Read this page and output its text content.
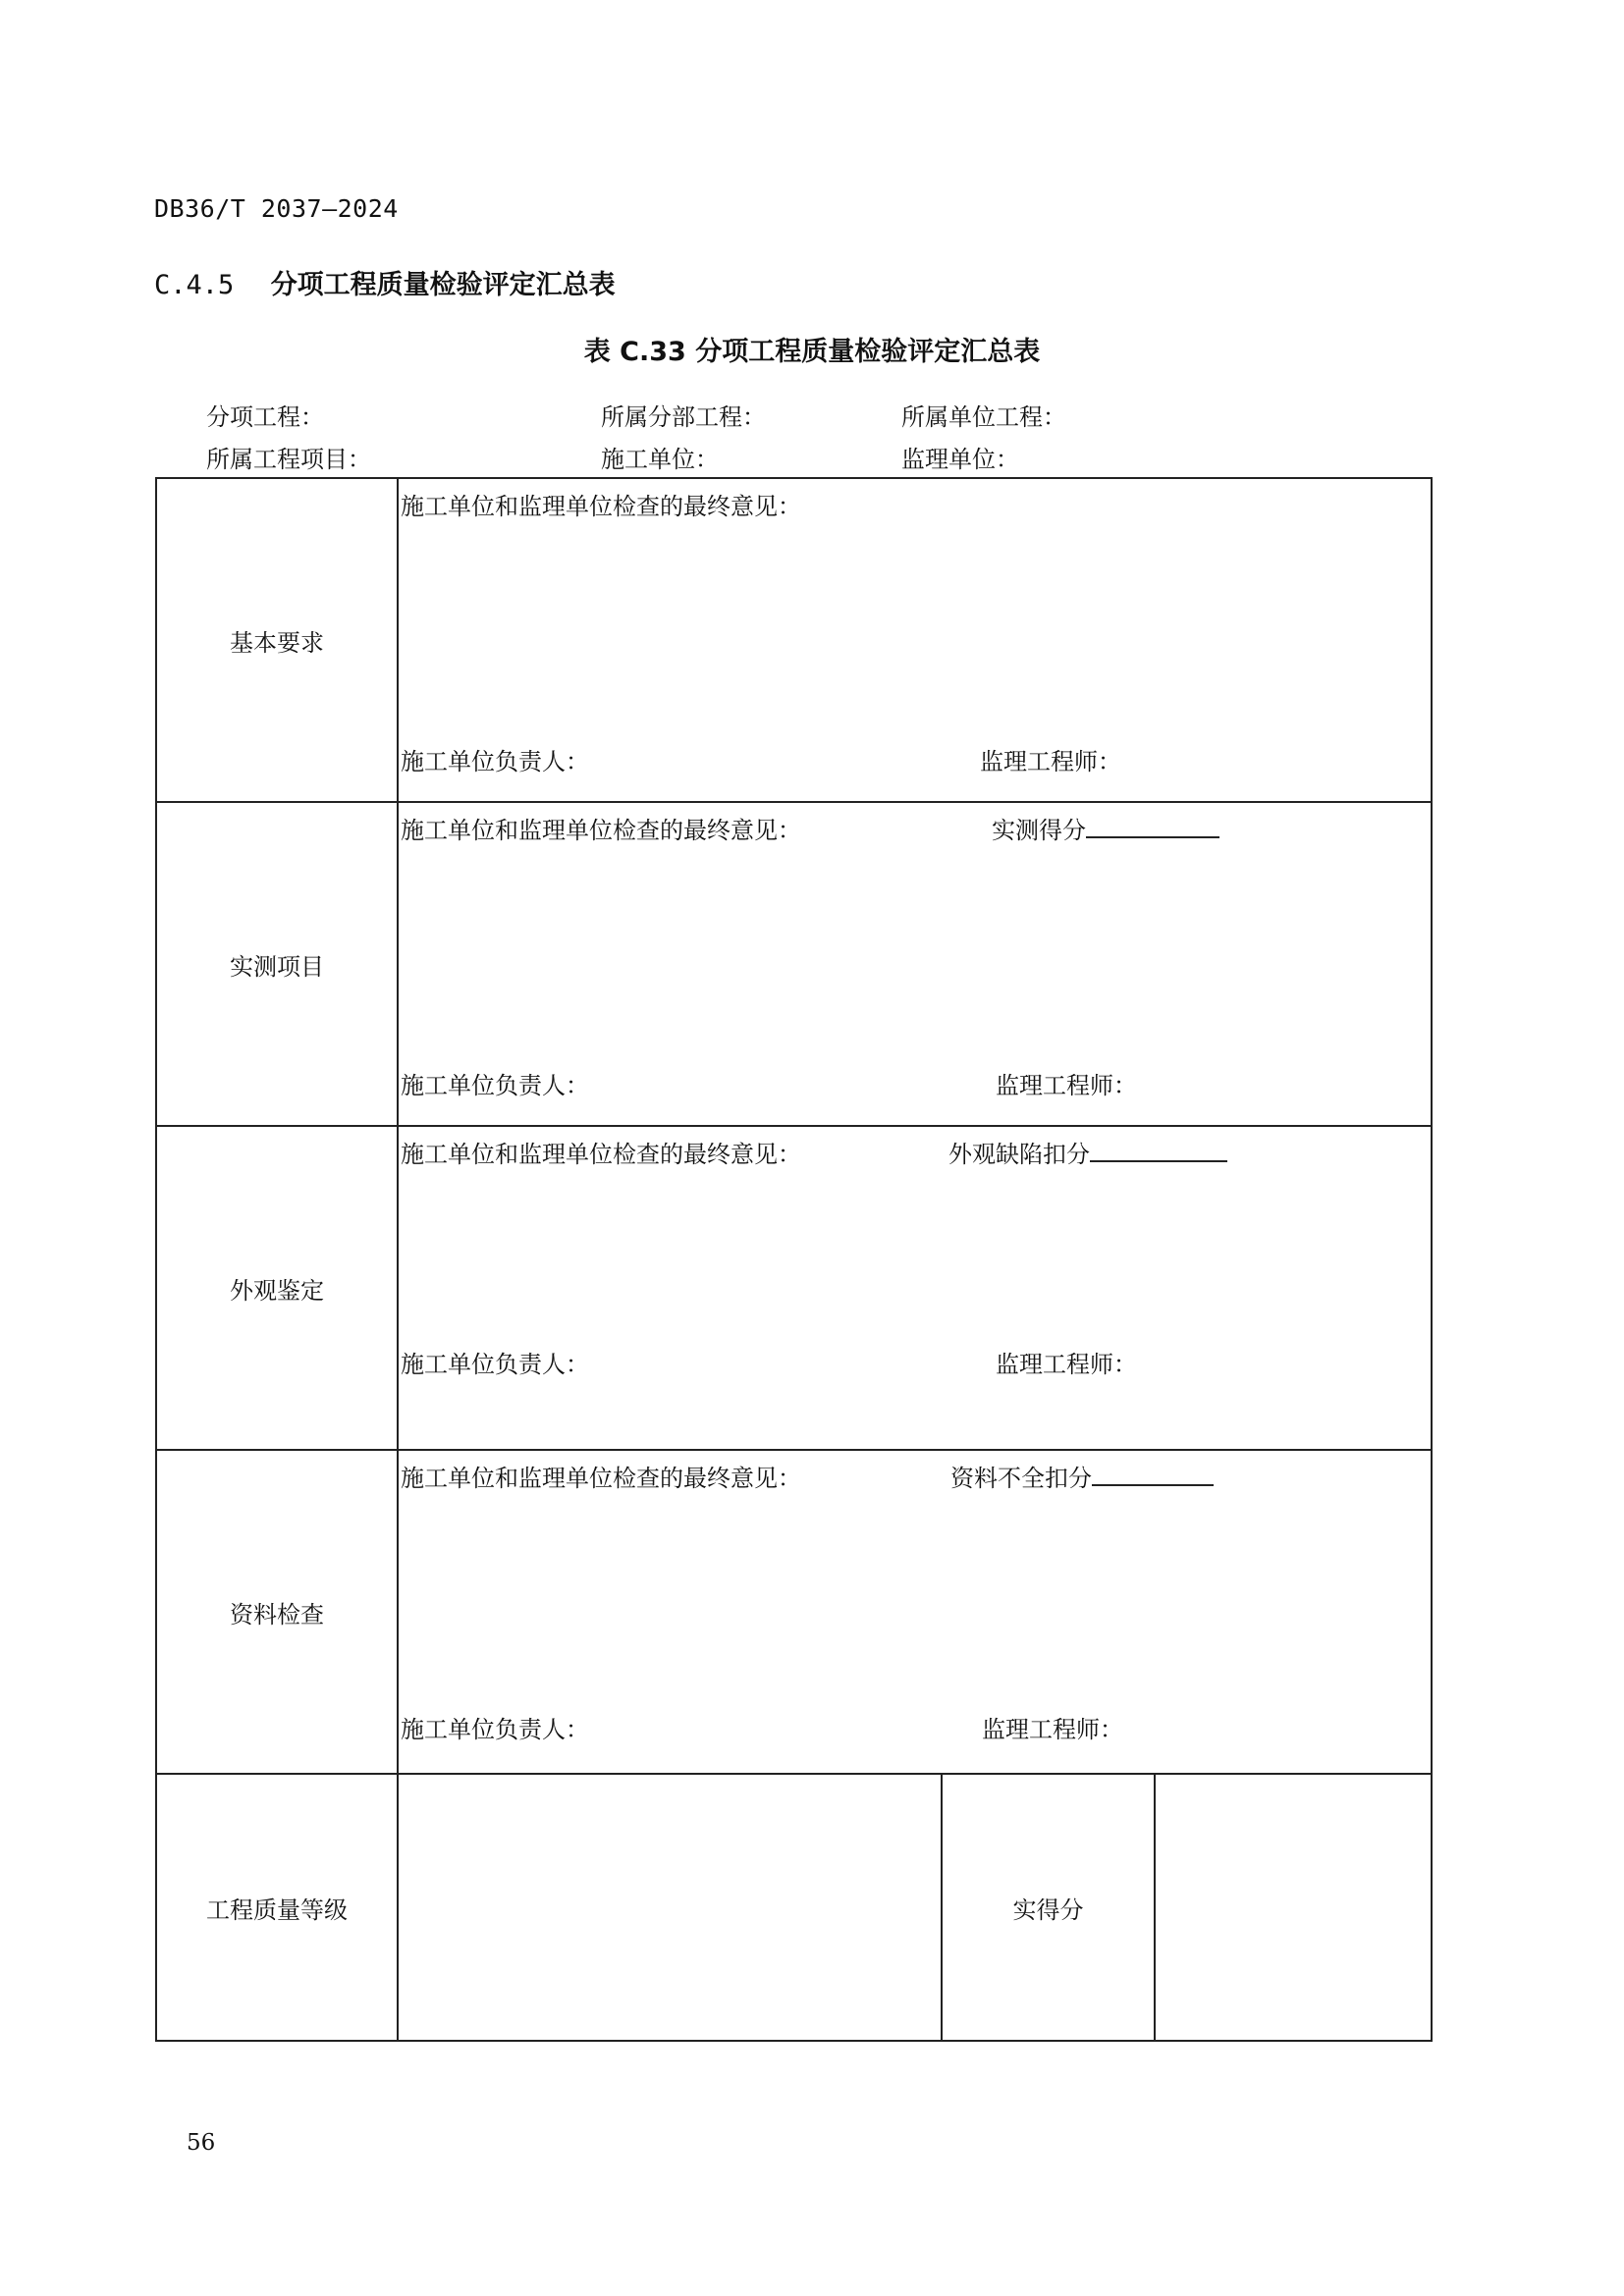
DB36/T 2037—2024
C.4.5 分项工程质量检验评定汇总表
表 C.33 分项工程质量检验评定汇总表
分项工程：	所属分部工程：	所属单位工程：
所属工程项目：	施工单位：	监理单位：
基本要求	施工单位和监理单位检查的最终意见：
施工单位负责人： 监理工程师：		

实测项目	施工单位和监理单位检查的最终意见： 实测得分
施工单位负责人： 监理工程师：		

外观鉴定	施工单位和监理单位检查的最终意见： 外观缺陷扣分
施工单位负责人： 监理工程师：		

资料检查	施工单位和监理单位检查的最终意见： 资料不全扣分
施工单位负责人： 监理工程师：		

工程质量等级		实得分	
56
